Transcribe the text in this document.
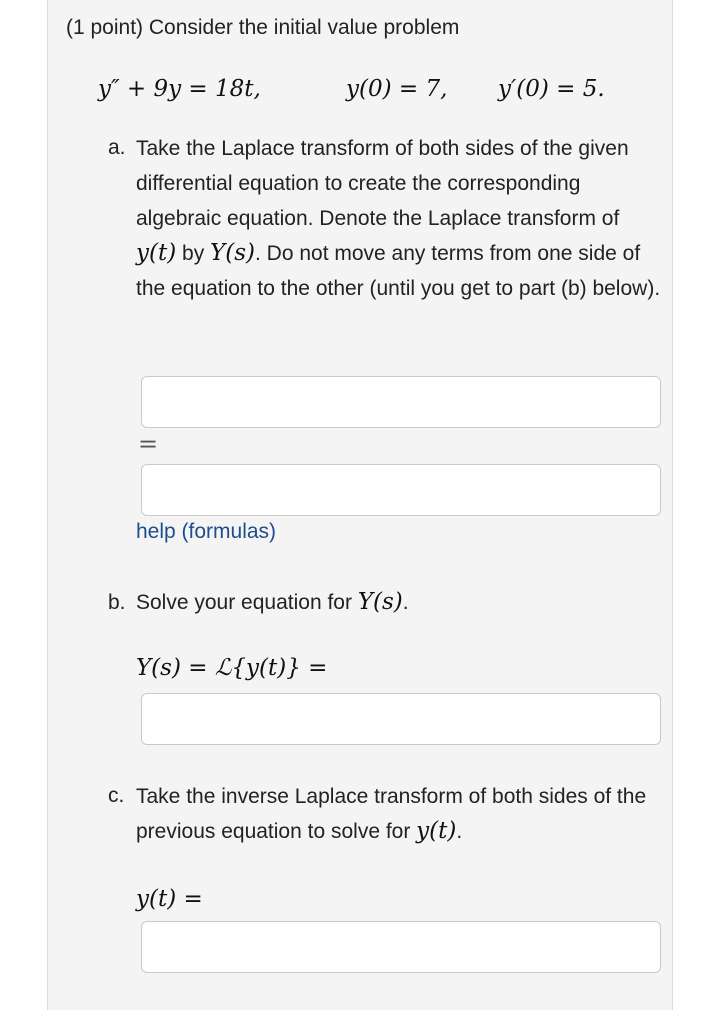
(1 point) Consider the initial value problem
y″ + 9y = 18t,	y(0) = 7, y′(0) = 5.
a. Take the Laplace transform of both sides of the given differential equation to create the corresponding algebraic equation. Denote the Laplace transform of y(t) by Y(s). Do not move any terms from one side of the equation to the other (until you get to part (b) below).
=
help (formulas)
b. Solve your equation for Y(s).
Y(s) = ℒ{y(t)} =
c. Take the inverse Laplace transform of both sides of the previous equation to solve for y(t).
y(t) =
